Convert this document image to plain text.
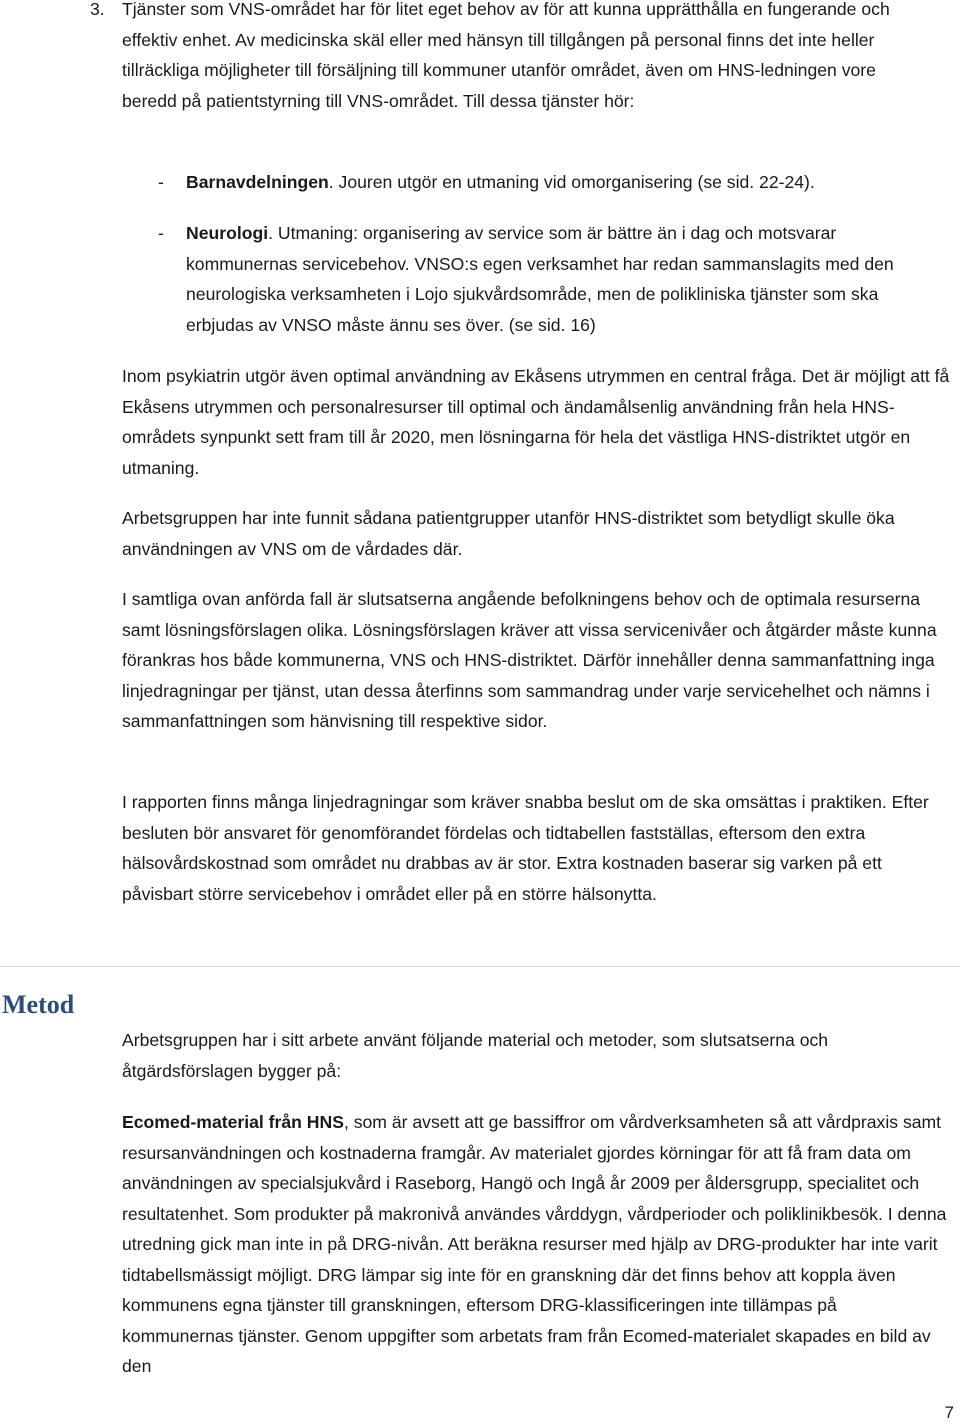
3. Tjänster som VNS-området har för litet eget behov av för att kunna upprätthålla en fungerande och effektiv enhet. Av medicinska skäl eller med hänsyn till tillgången på personal finns det inte heller tillräckliga möjligheter till försäljning till kommuner utanför området, även om HNS-ledningen vore beredd på patientstyrning till VNS-området. Till dessa tjänster hör:

- Barnavdelningen. Jouren utgör en utmaning vid omorganisering (se sid. 22-24).

- Neurologi. Utmaning: organisering av service som är bättre än i dag och motsvarar kommunernas servicebehov. VNSO:s egen verksamhet har redan sammanslagits med den neurologiska verksamheten i Lojo sjukvårdsområde, men de polikliniska tjänster som ska erbjudas av VNSO måste ännu ses över. (se sid. 16)

Inom psykiatrin utgör även optimal användning av Ekåsens utrymmen en central fråga. Det är möjligt att få Ekåsens utrymmen och personalresurser till optimal och ändamålsenlig användning från hela HNS-områdets synpunkt sett fram till år 2020, men lösningarna för hela det västliga HNS-distriktet utgör en utmaning.

Arbetsgruppen har inte funnit sådana patientgrupper utanför HNS-distriktet som betydligt skulle öka användningen av VNS om de vårdades där.

I samtliga ovan anförda fall är slutsatserna angående befolkningens behov och de optimala resurserna samt lösningsförslagen olika. Lösningsförslagen kräver att vissa servicenivåer och åtgärder måste kunna förankras hos både kommunerna, VNS och HNS-distriktet. Därför innehåller denna sammanfattning inga linjedragningar per tjänst, utan dessa återfinns som sammandrag under varje servicehelhet och nämns i sammanfattningen som hänvisning till respektive sidor.

I rapporten finns många linjedragningar som kräver snabba beslut om de ska omsättas i praktiken. Efter besluten bör ansvaret för genomförandet fördelas och tidtabellen fastställas, eftersom den extra hälsovårdskostnad som området nu drabbas av är stor. Extra kostnaden baserar sig varken på ett påvisbart större servicebehov i området eller på en större hälsonytta.

Metod

Arbetsgruppen har i sitt arbete använt följande material och metoder, som slutsatserna och åtgärdsförslagen bygger på:

Ecomed-material från HNS, som är avsett att ge bassiffror om vårdverksamheten så att vårdpraxis samt resursanvändningen och kostnaderna framgår. Av materialet gjordes körningar för att få fram data om användningen av specialsjukvård i Raseborg, Hangö och Ingå år 2009 per åldersgrupp, specialitet och resultatenhet. Som produkter på makronivå användes vårddygn, vårdperioder och poliklinikbesök. I denna utredning gick man inte in på DRG-nivån. Att beräkna resurser med hjälp av DRG-produkter har inte varit tidtabellsmässigt möjligt. DRG lämpar sig inte för en granskning där det finns behov att koppla även kommunens egna tjänster till granskningen, eftersom DRG-klassificeringen inte tillämpas på kommunernas tjänster. Genom uppgifter som arbetats fram från Ecomed-materialet skapades en bild av den

7
